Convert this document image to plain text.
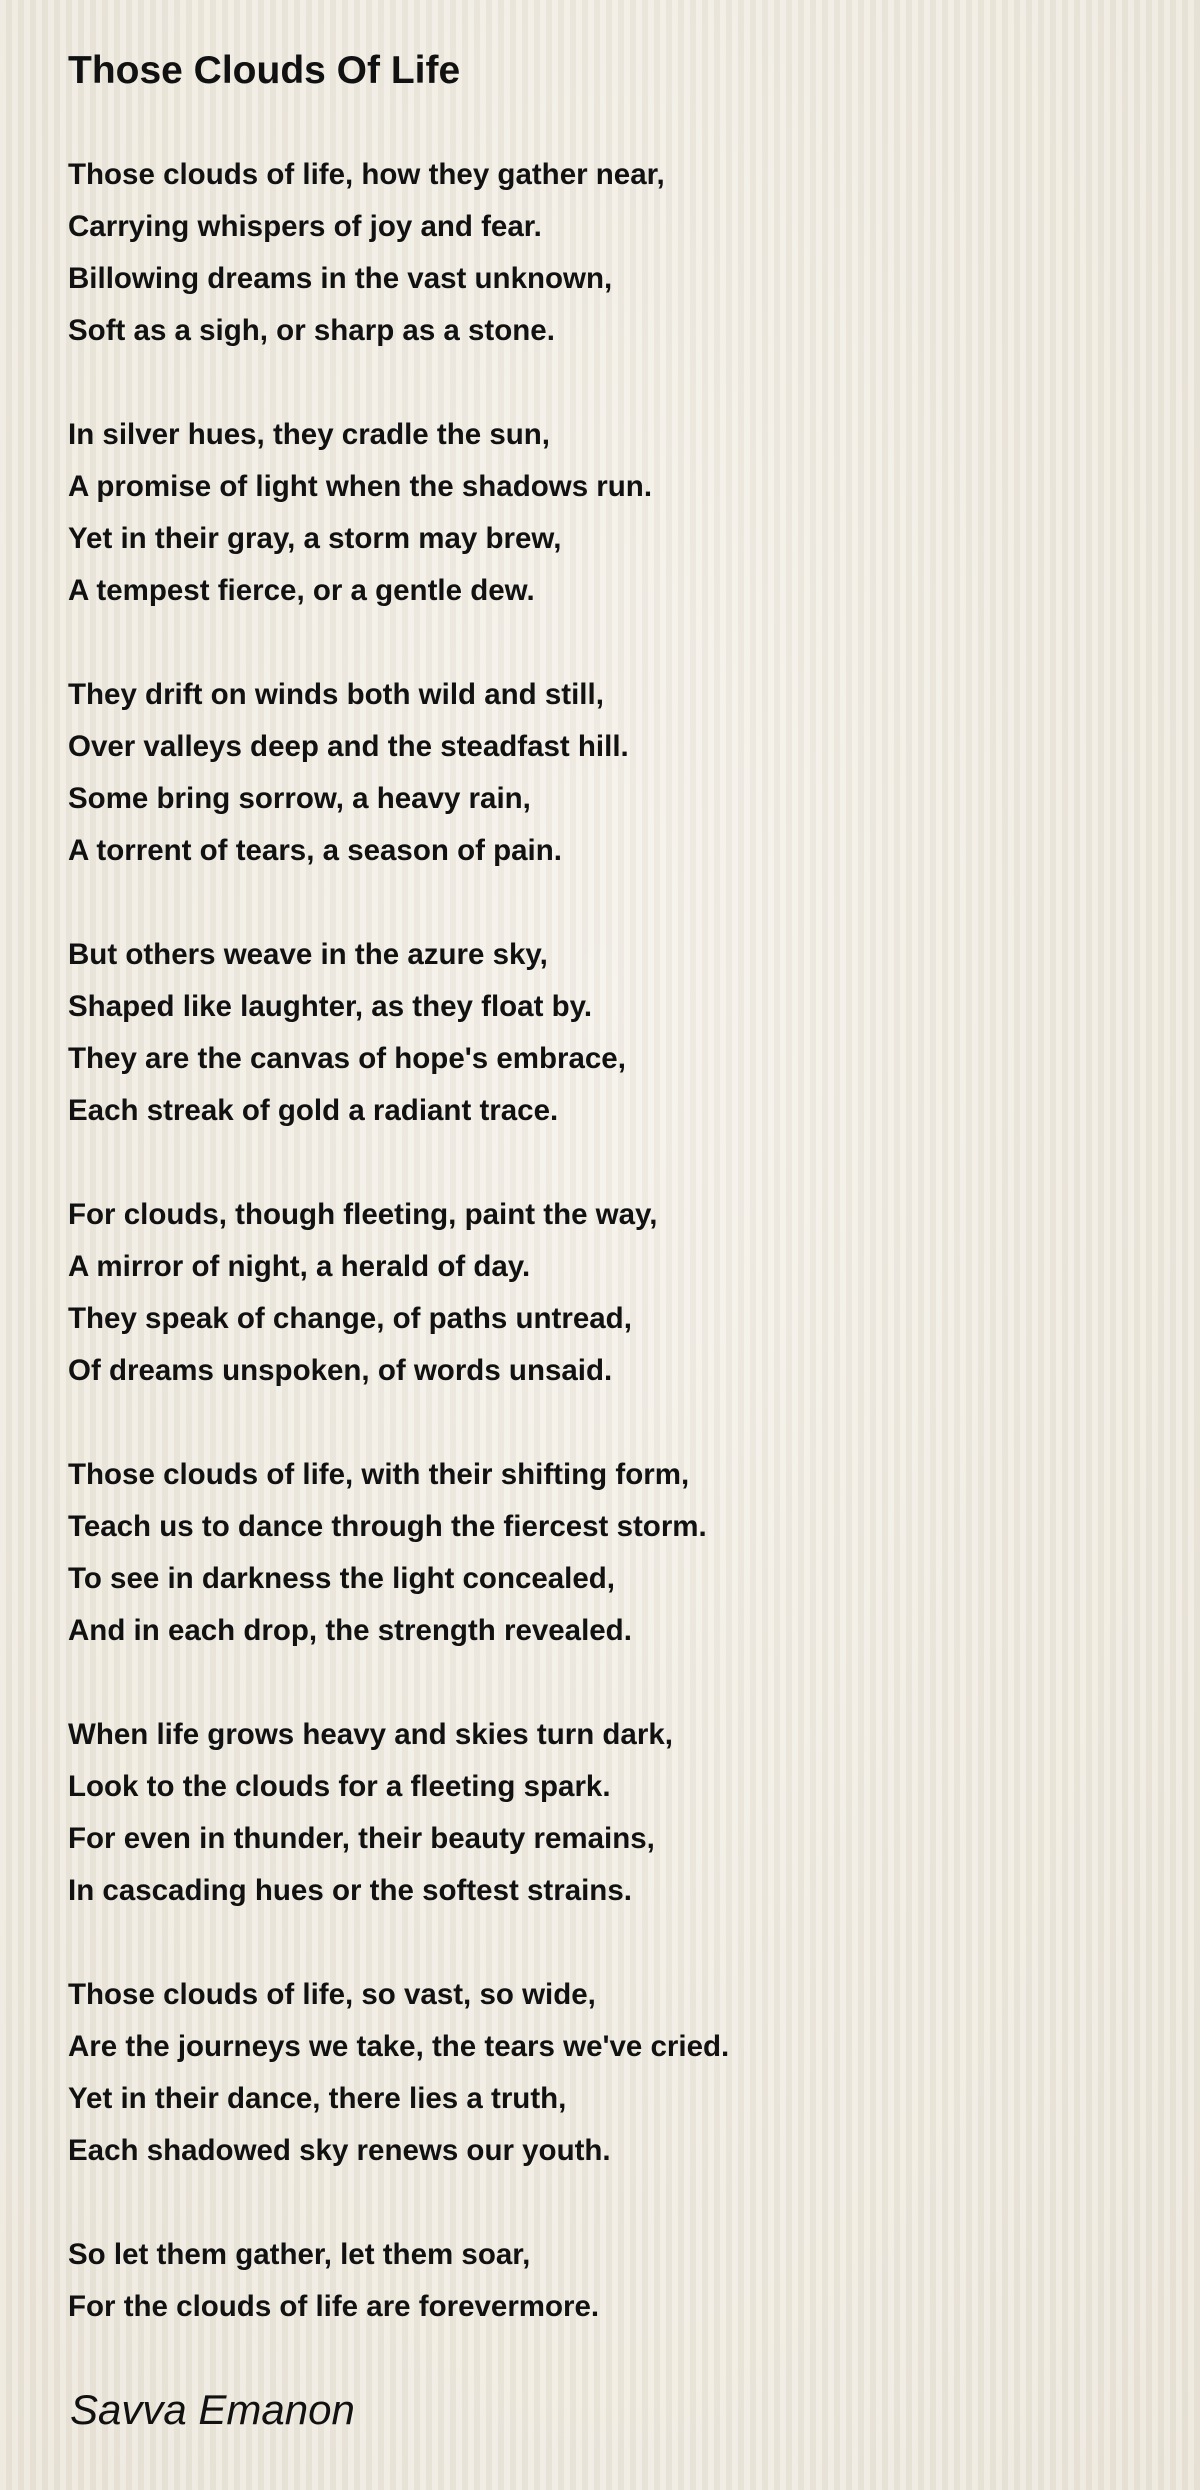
Those Clouds Of Life
Those clouds of life, how they gather near,
Carrying whispers of joy and fear.
Billowing dreams in the vast unknown,
Soft as a sigh, or sharp as a stone.
In silver hues, they cradle the sun,
A promise of light when the shadows run.
Yet in their gray, a storm may brew,
A tempest fierce, or a gentle dew.
They drift on winds both wild and still,
Over valleys deep and the steadfast hill.
Some bring sorrow, a heavy rain,
A torrent of tears, a season of pain.
But others weave in the azure sky,
Shaped like laughter, as they float by.
They are the canvas of hope's embrace,
Each streak of gold a radiant trace.
For clouds, though fleeting, paint the way,
A mirror of night, a herald of day.
They speak of change, of paths untread,
Of dreams unspoken, of words unsaid.
Those clouds of life, with their shifting form,
Teach us to dance through the fiercest storm.
To see in darkness the light concealed,
And in each drop, the strength revealed.
When life grows heavy and skies turn dark,
Look to the clouds for a fleeting spark.
For even in thunder, their beauty remains,
In cascading hues or the softest strains.
Those clouds of life, so vast, so wide,
Are the journeys we take, the tears we've cried.
Yet in their dance, there lies a truth,
Each shadowed sky renews our youth.
So let them gather, let them soar,
For the clouds of life are forevermore.
Savva Emanon
